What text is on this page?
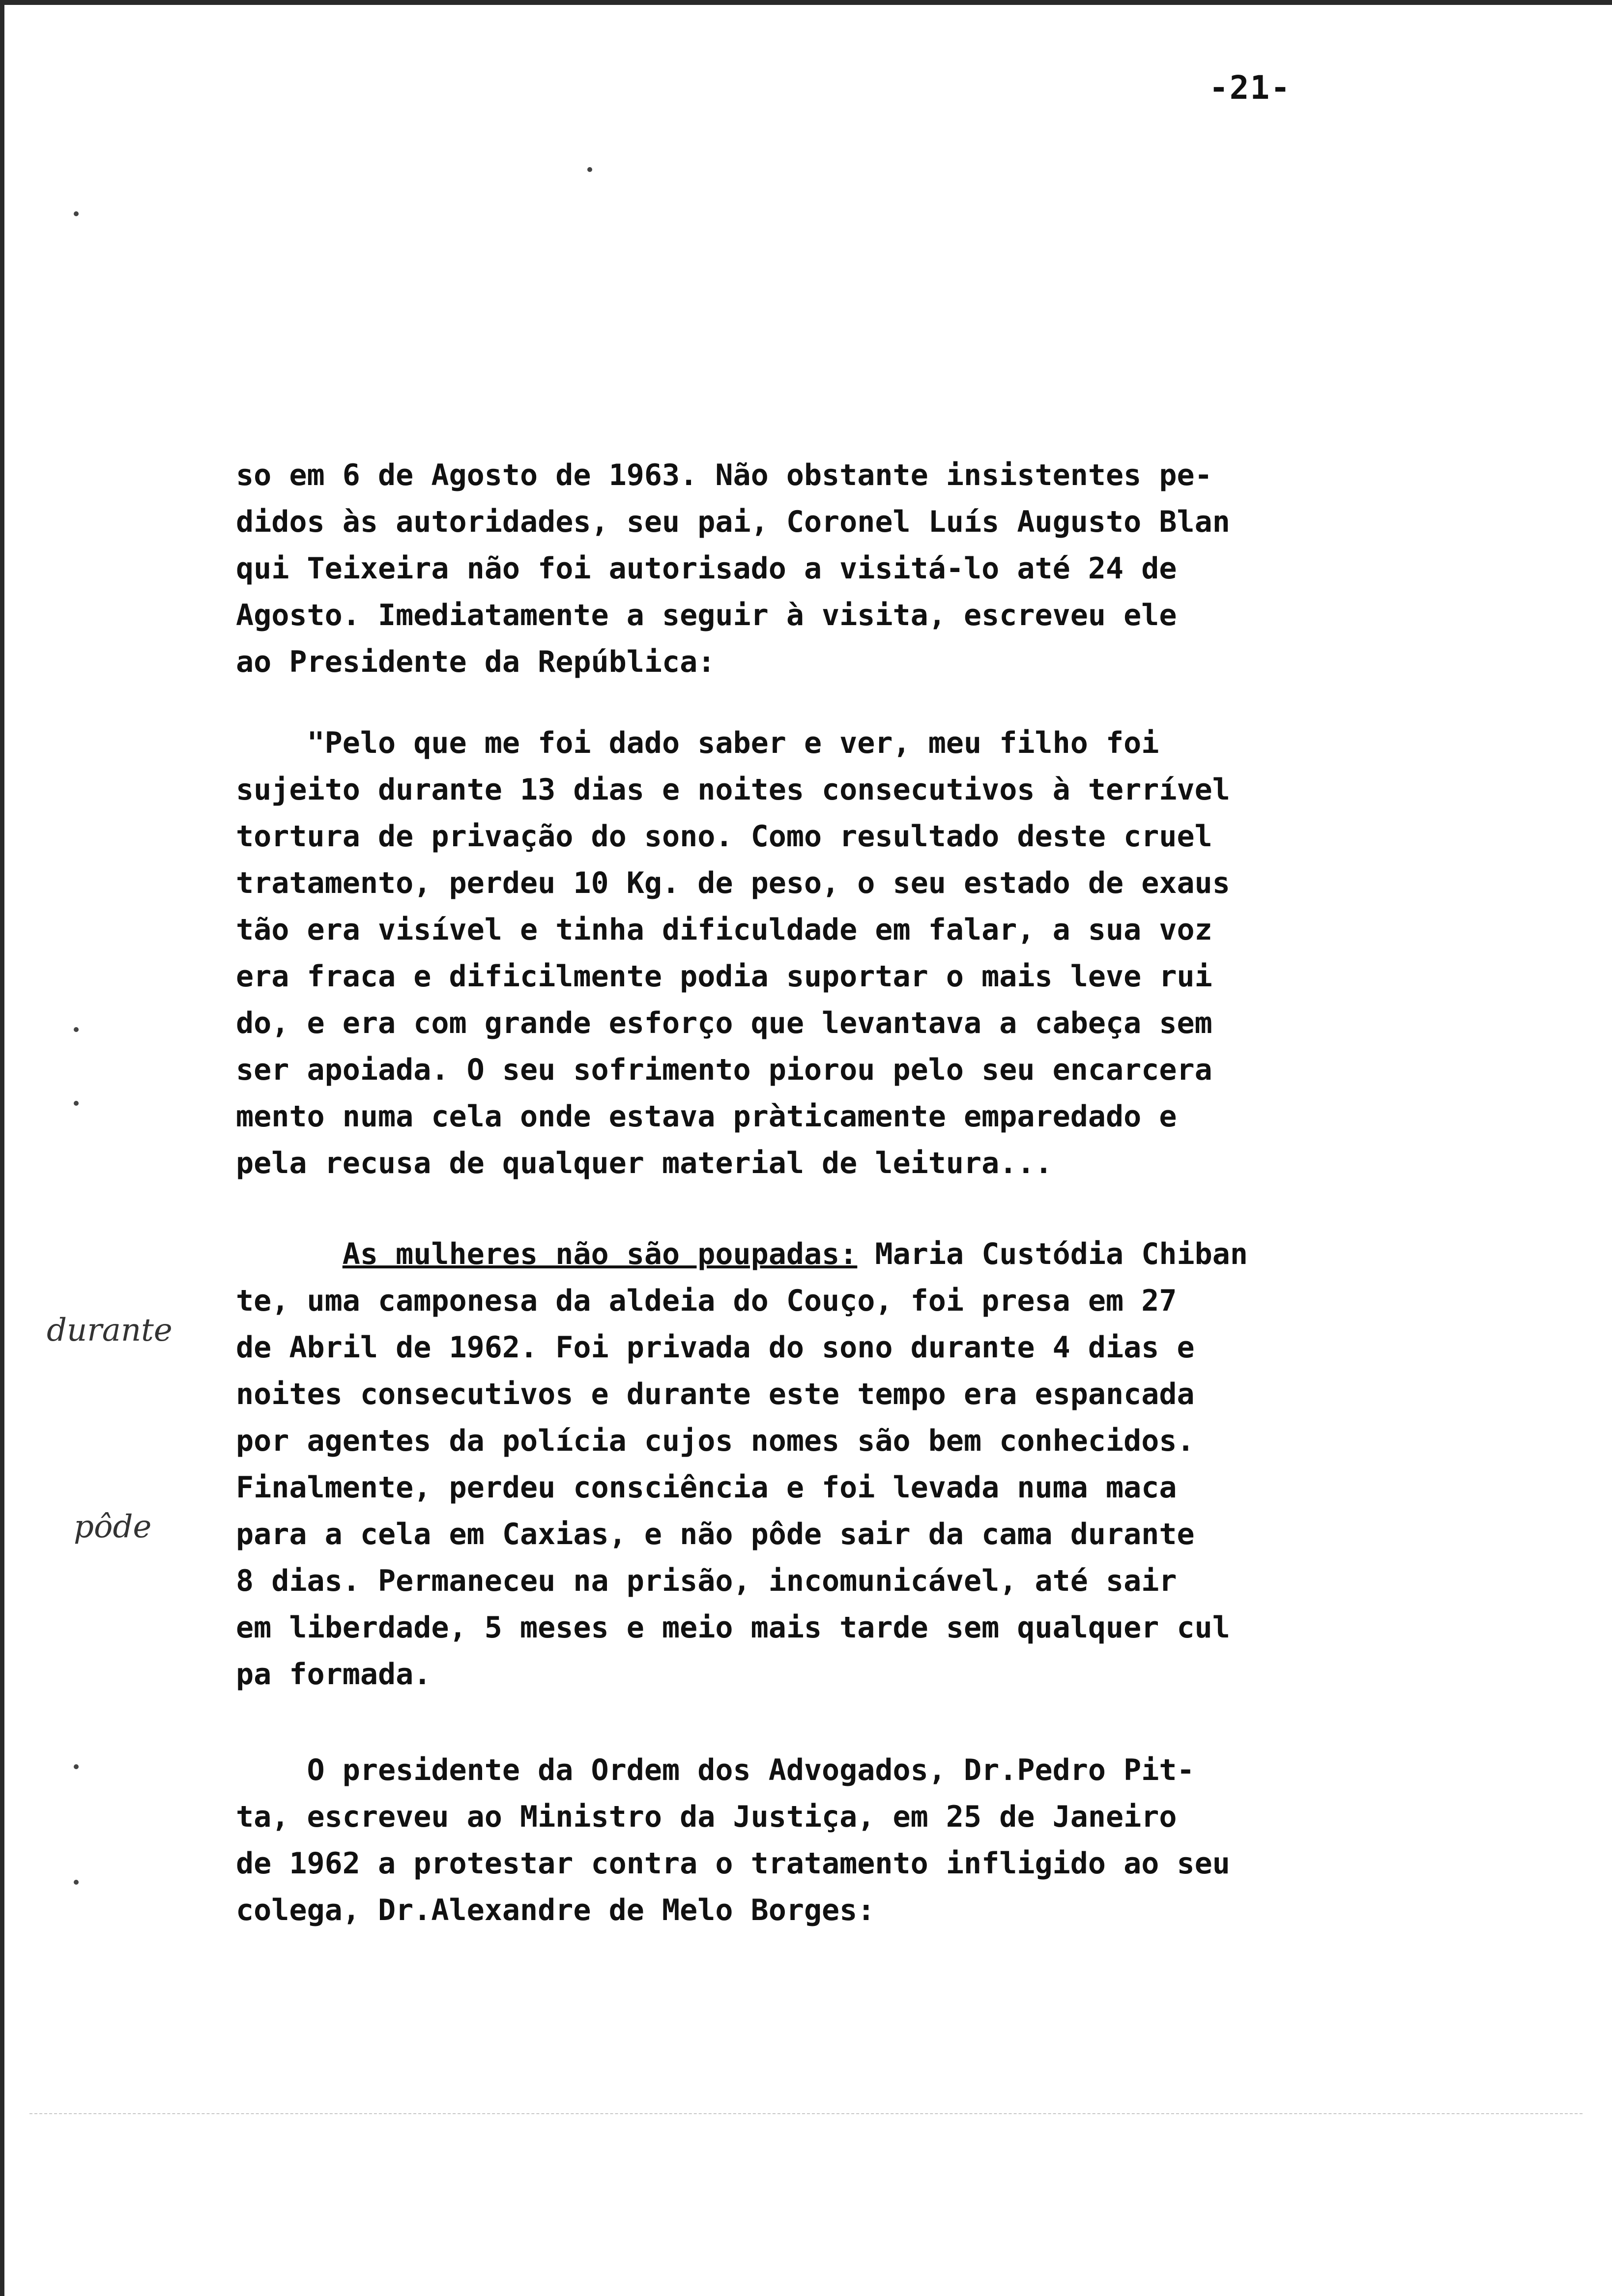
-21-

so em 6 de Agosto de 1963. Não obstante insistentes pe-
didos às autoridades, seu pai, Coronel Luís Augusto Blan
qui Teixeira não foi autorisado a visitá-lo até 24 de
Agosto. Imediatamente a seguir à visita, escreveu ele
ao Presidente da República:

"Pelo que me foi dado saber e ver, meu filho foi
sujeito durante 13 dias e noites consecutivos à terrível
tortura de privação do sono. Como resultado deste cruel
tratamento, perdeu 10 Kg. de peso, o seu estado de exaus
tão era visível e tinha dificuldade em falar, a sua voz
era fraca e dificilmente podia suportar o mais leve rui
do, e era com grande esforço que levantava a cabeça sem
ser apoiada. O seu sofrimento piorou pelo seu encarcera
mento numa cela onde estava pràticamente emparedado e
pela recusa de qualquer material de leitura...

As mulheres não são poupadas: Maria Custódia Chiban
te, uma camponesa da aldeia do Couço, foi presa em 27
de Abril de 1962. Foi privada do sono durante 4 dias e
noites consecutivos e durante este tempo era espancada
por agentes da polícia cujos nomes são bem conhecidos.
Finalmente, perdeu consciência e foi levada numa maca
para a cela em Caxias, e não pôde sair da cama durante
8 dias. Permaneceu na prisão, incomunicável, até sair
em liberdade, 5 meses e meio mais tarde sem qualquer cul
pa formada.

O presidente da Ordem dos Advogados, Dr.Pedro Pit-
ta, escreveu ao Ministro da Justiça, em 25 de Janeiro
de 1962 a protestar contra o tratamento infligido ao seu
colega, Dr.Alexandre de Melo Borges:

durante
pôde
